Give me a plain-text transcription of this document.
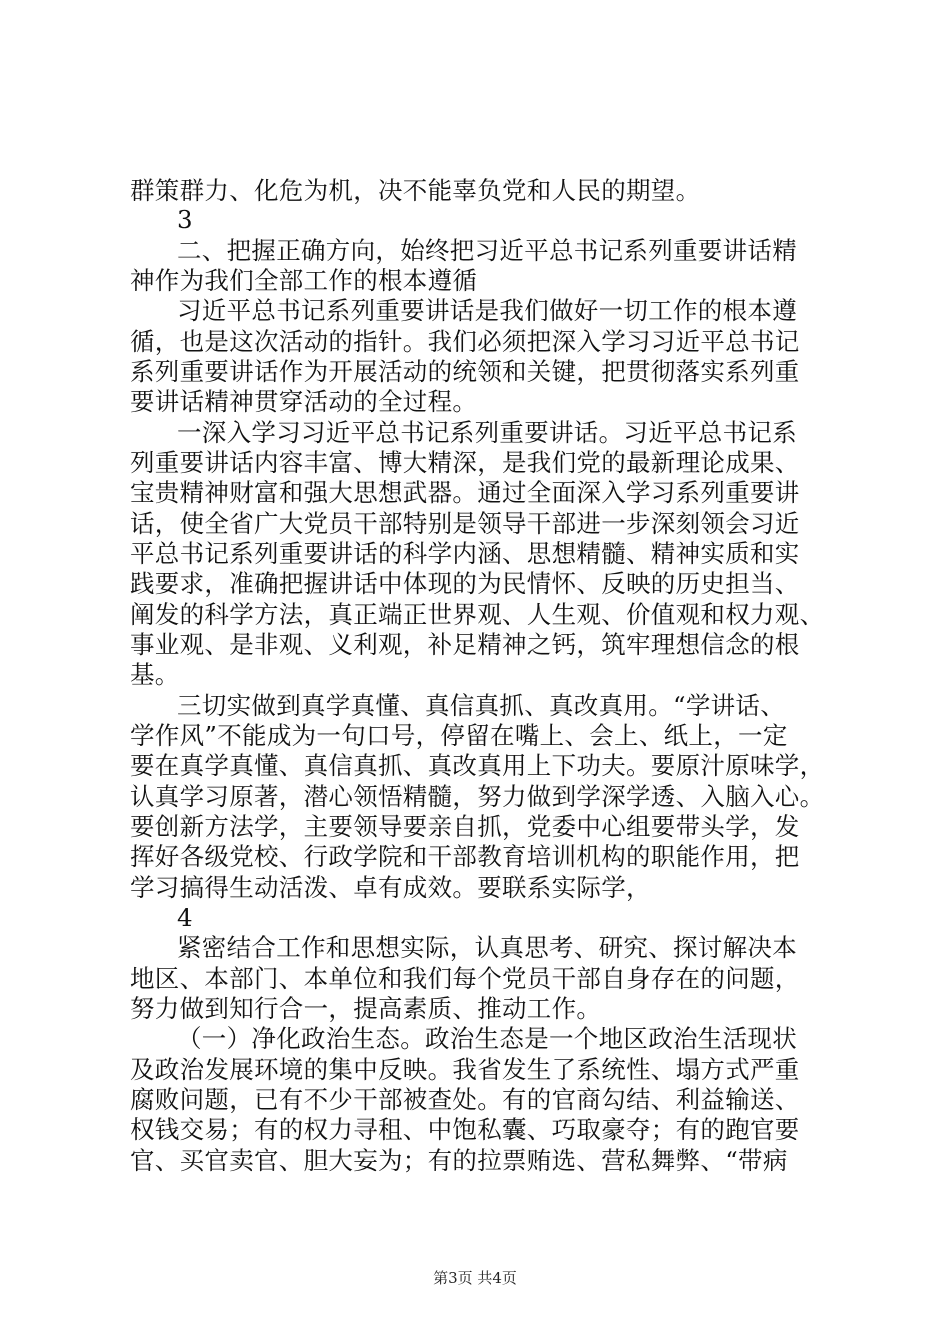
群策群力、化危为机，决不能辜负党和人民的期望。
3
二、把握正确方向，始终把习近平总书记系列重要讲话精
神作为我们全部工作的根本遵循
习近平总书记系列重要讲话是我们做好一切工作的根本遵
循，也是这次活动的指针。我们必须把深入学习习近平总书记
系列重要讲话作为开展活动的统领和关键，把贯彻落实系列重
要讲话精神贯穿活动的全过程。
一深入学习习近平总书记系列重要讲话。习近平总书记系
列重要讲话内容丰富、博大精深，是我们党的最新理论成果、
宝贵精神财富和强大思想武器。通过全面深入学习系列重要讲
话，使全省广大党员干部特别是领导干部进一步深刻领会习近
平总书记系列重要讲话的科学内涵、思想精髓、精神实质和实
践要求，准确把握讲话中体现的为民情怀、反映的历史担当、
阐发的科学方法，真正端正世界观、人生观、价值观和权力观、
事业观、是非观、义利观，补足精神之钙，筑牢理想信念的根
基。
三切实做到真学真懂、真信真抓、真改真用。“学讲话、
学作风”不能成为一句口号，停留在嘴上、会上、纸上，一定
要在真学真懂、真信真抓、真改真用上下功夫。要原汁原味学，
认真学习原著，潜心领悟精髓，努力做到学深学透、入脑入心。
要创新方法学，主要领导要亲自抓，党委中心组要带头学，发
挥好各级党校、行政学院和干部教育培训机构的职能作用，把
学习搞得生动活泼、卓有成效。要联系实际学，
4
紧密结合工作和思想实际，认真思考、研究、探讨解决本
地区、本部门、本单位和我们每个党员干部自身存在的问题，
努力做到知行合一，提高素质、推动工作。
（一）净化政治生态。政治生态是一个地区政治生活现状
及政治发展环境的集中反映。我省发生了系统性、塌方式严重
腐败问题，已有不少干部被查处。有的官商勾结、利益输送、
权钱交易；有的权力寻租、中饱私囊、巧取豪夺；有的跑官要
官、买官卖官、胆大妄为；有的拉票贿选、营私舞弊、“带病
第3页 共4页
